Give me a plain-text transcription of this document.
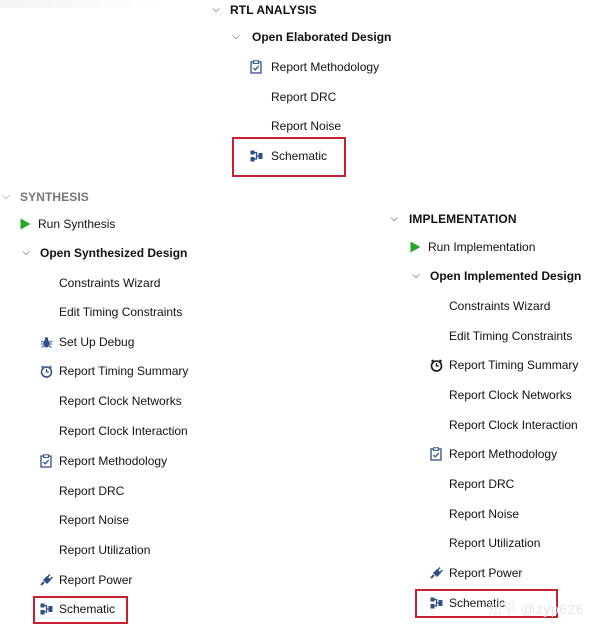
⌵ RTL ANALYSIS
⌵ Open Elaborated Design
Report Methodology
Report DRC
Report Noise
Schematic
⌵ SYNTHESIS
Run Synthesis
⌵ Open Synthesized Design
Constraints Wizard
Edit Timing Constraints
Set Up Debug
Report Timing Summary
Report Clock Networks
Report Clock Interaction
Report Methodology
Report DRC
Report Noise
Report Utilization
Report Power
Schematic
⌵ IMPLEMENTATION
Run Implementation
⌵ Open Implemented Design
Constraints Wizard
Edit Timing Constraints
Report Timing Summary
Report Clock Networks
Report Clock Interaction
Report Methodology
Report DRC
Report Noise
Report Utilization
Report Power
Schematic
知乎 @zyp626
